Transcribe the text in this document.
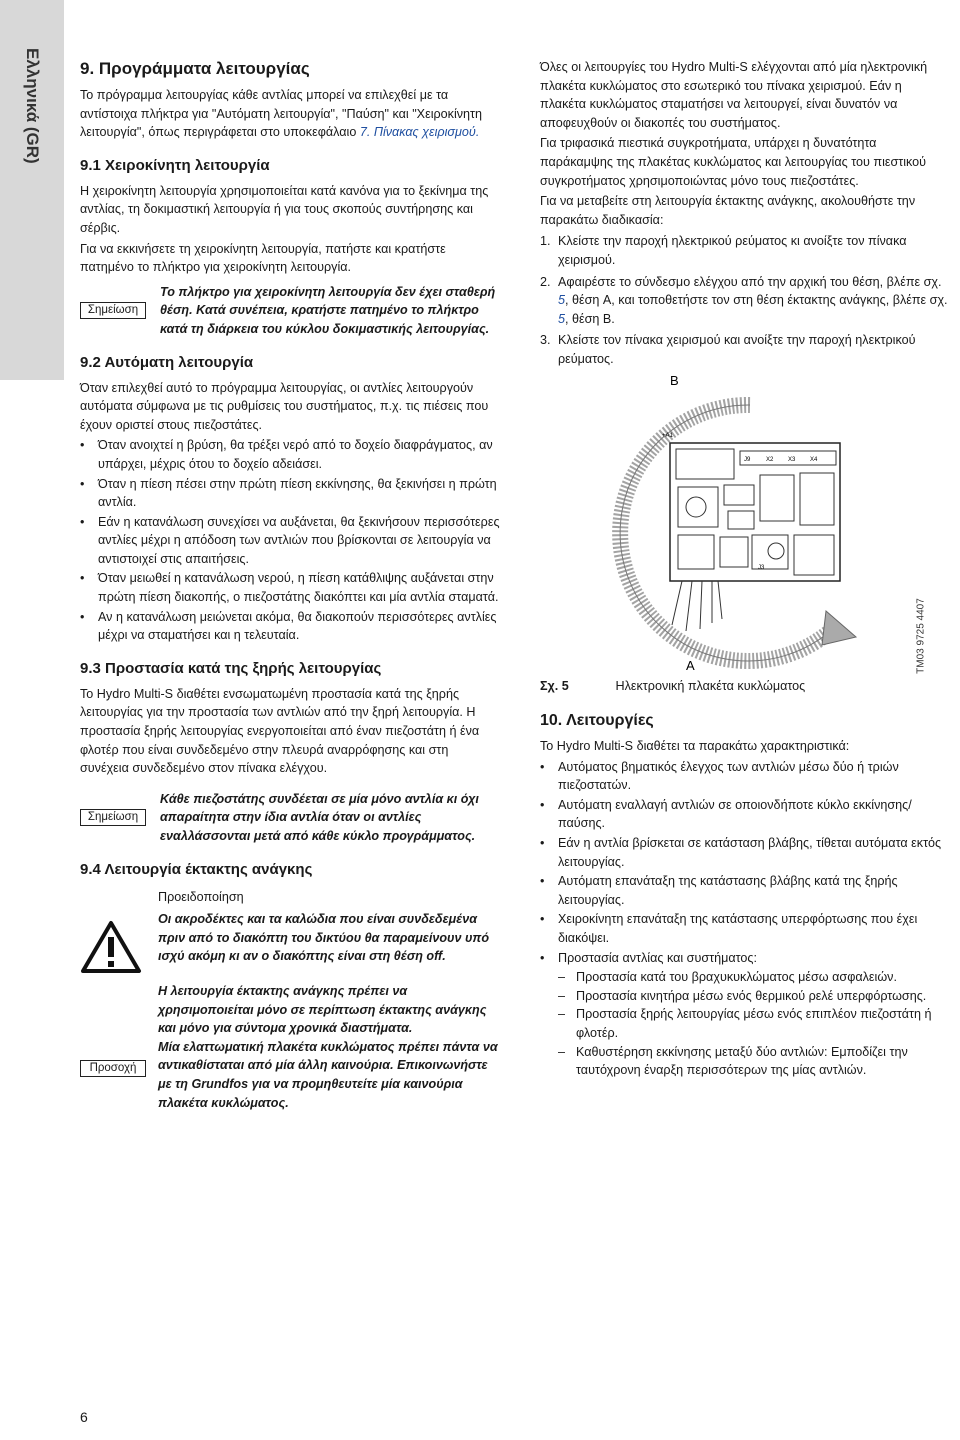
Ελληνικά (GR)	9. Προγράμματα λειτουργίας

Το πρόγραμμα λειτουργίας κάθε αντλίας μπορεί να επιλεχθεί με τα αντίστοιχα πλήκτρα για "Αυτόματη λειτουργία", "Παύση" και "Χειροκίνητη λειτουργία", όπως περιγράφεται στο υποκεφάλαιο 7. Πίνακας χειρισμού.

9.1 Χειροκίνητη λειτουργία

Η χειροκίνητη λειτουργία χρησιμοποιείται κατά κανόνα για το ξεκίνημα της αντλίας, τη δοκιμαστική λειτουργία ή για τους σκοπούς συντήρησης και σέρβις.

Για να εκκινήσετε τη χειροκίνητη λειτουργία, πατήστε και κρατήστε πατημένο το πλήκτρο για χειροκίνητη λειτουργία.

Σημείωση
Το πλήκτρο για χειροκίνητη λειτουργία δεν έχει σταθερή θέση. Κατά συνέπεια, κρατήστε πατημένο το πλήκτρο κατά τη διάρκεια του κύκλου δοκιμαστικής λειτουργίας.
9.2 Αυτόματη λειτουργία

Όταν επιλεχθεί αυτό το πρόγραμμα λειτουργίας, οι αντλίες λειτουργούν αυτόματα σύμφωνα με τις ρυθμίσεις του συστήματος, π.χ. τις πιέσεις που έχουν οριστεί στους πιεζοστάτες.

• Όταν ανοιχτεί η βρύση, θα τρέξει νερό από το δοχείο διαφράγματος, αν υπάρχει, μέχρις ότου το δοχείο αδειάσει.
• Όταν η πίεση πέσει στην πρώτη πίεση εκκίνησης, θα ξεκινήσει η πρώτη αντλία.
• Εάν η κατανάλωση συνεχίσει να αυξάνεται, θα ξεκινήσουν περισσότερες αντλίες μέχρι η απόδοση των αντλιών που βρίσκονται σε λειτουργία να αντιστοιχεί στις απαιτήσεις.
• Όταν μειωθεί η κατανάλωση νερού, η πίεση κατάθλιψης αυξάνεται στην πρώτη πίεση διακοπής, ο πιεζοστάτης διακόπτει και μία αντλία σταματά.
• Αν η κατανάλωση μειώνεται ακόμα, θα διακοπούν περισσότερες αντλίες μέχρι να σταματήσει και η τελευταία.
9.3 Προστασία κατά της ξηρής λειτουργίας

Το Hydro Multi-S διαθέτει ενσωματωμένη προστασία κατά της ξηρής λειτουργίας για την προστασία των αντλιών από την ξηρή λειτουργία. Η προστασία ξηρής λειτουργίας ενεργοποιείται από έναν πιεζοστάτη ή ένα φλοτέρ που είναι συνδεδεμένο στην πλευρά αναρρόφησης και στη συνέχεια συνδεδεμένο στον πίνακα ελέγχου.

Σημείωση
Κάθε πιεζοστάτης συνδέεται σε μία μόνο αντλία κι όχι απαραίτητα στην ίδια αντλία όταν οι αντλίες εναλλάσσονται μετά από κάθε κύκλο προγράμματος.
9.4 Λειτουργία έκτακτης ανάγκης
Προσοχή
Προειδοποίηση
Οι ακροδέκτες και τα καλώδια που είναι συνδεδεμένα πριν από το διακόπτη του δικτύου θα παραμείνουν υπό ισχύ ακόμη κι αν ο διακόπτης είναι στη θέση off.
Η λειτουργία έκτακτης ανάγκης πρέπει να χρησιμοποιείται μόνο σε περίπτωση έκτακτης ανάγκης και μόνο για σύντομα χρονικά διαστήματα.
Μία ελαττωματική πλακέτα κυκλώματος πρέπει πάντα να αντικαθίσταται από μία άλλη καινούρια. Επικοινωνήστε με τη Grundfos για να προμηθευτείτε μία καινούρια πλακέτα κυκλώματος.

Όλες οι λειτουργίες του Hydro Multi-S ελέγχονται από μία ηλεκτρονική πλακέτα κυκλώματος στο εσωτερικό του πίνακα χειρισμού. Εάν η πλακέτα κυκλώματος σταματήσει να λειτουργεί, είναι δυνατόν να αποφευχθούν οι διακοπές του συστήματος.

Για τριφασικά πιεστικά συγκροτήματα, υπάρχει η δυνατότητα παράκαμψης της πλακέτας κυκλώματος και λειτουργίας του πιεστικού συγκροτήματος χρησιμοποιώντας μόνο τους πιεζοστάτες.

Για να μεταβείτε στη λειτουργία έκτακτης ανάγκης, ακολουθήστε την παρακάτω διαδικασία:

1. Κλείστε την παροχή ηλεκτρικού ρεύματος κι ανοίξτε τον πίνακα χειρισμού.
2. Αφαιρέστε το σύνδεσμο ελέγχου από την αρχική του θέση, βλέπε σχ. 5, θέση A, και τοποθετήστε τον στη θέση έκτακτης ανάγκης, βλέπε σχ. 5, θέση B.
3. Κλείστε τον πίνακα χειρισμού και ανοίξτε την παροχή ηλεκτρικού ρεύματος.
B
A
+A1
J9	X2 X3 X4
J3
Σχ. 5	Ηλεκτρονική πλακέτα κυκλώματος
10. Λειτουργίες

Το Hydro Multi-S διαθέτει τα παρακάτω χαρακτηριστικά:

• Αυτόματος βηματικός έλεγχος των αντλιών μέσω δύο ή τριών πιεζοστατών.
• Αυτόματη εναλλαγή αντλιών σε οποιονδήποτε κύκλο εκκίνησης/παύσης.
• Εάν η αντλία βρίσκεται σε κατάσταση βλάβης, τίθεται αυτόματα εκτός λειτουργίας.
• Αυτόματη επανάταξη της κατάστασης βλάβης κατά της ξηρής λειτουργίας.
• Χειροκίνητη επανάταξη της κατάστασης υπερφόρτωσης που έχει διακόψει.
• Προστασία αντλίας και συστήματος:
– Προστασία κατά του βραχυκυκλώματος μέσω ασφαλειών.
– Προστασία κινητήρα μέσω ενός θερμικού ρελέ υπερφόρτωσης.
– Προστασία ξηρής λειτουργίας μέσω ενός επιπλέον πιεζοστάτη ή φλοτέρ.
– Καθυστέρηση εκκίνησης μεταξύ δύο αντλιών: Εμποδίζει την ταυτόχρονη έναρξη περισσότερων της μίας αντλιών.
TM03 9725 4407
6
